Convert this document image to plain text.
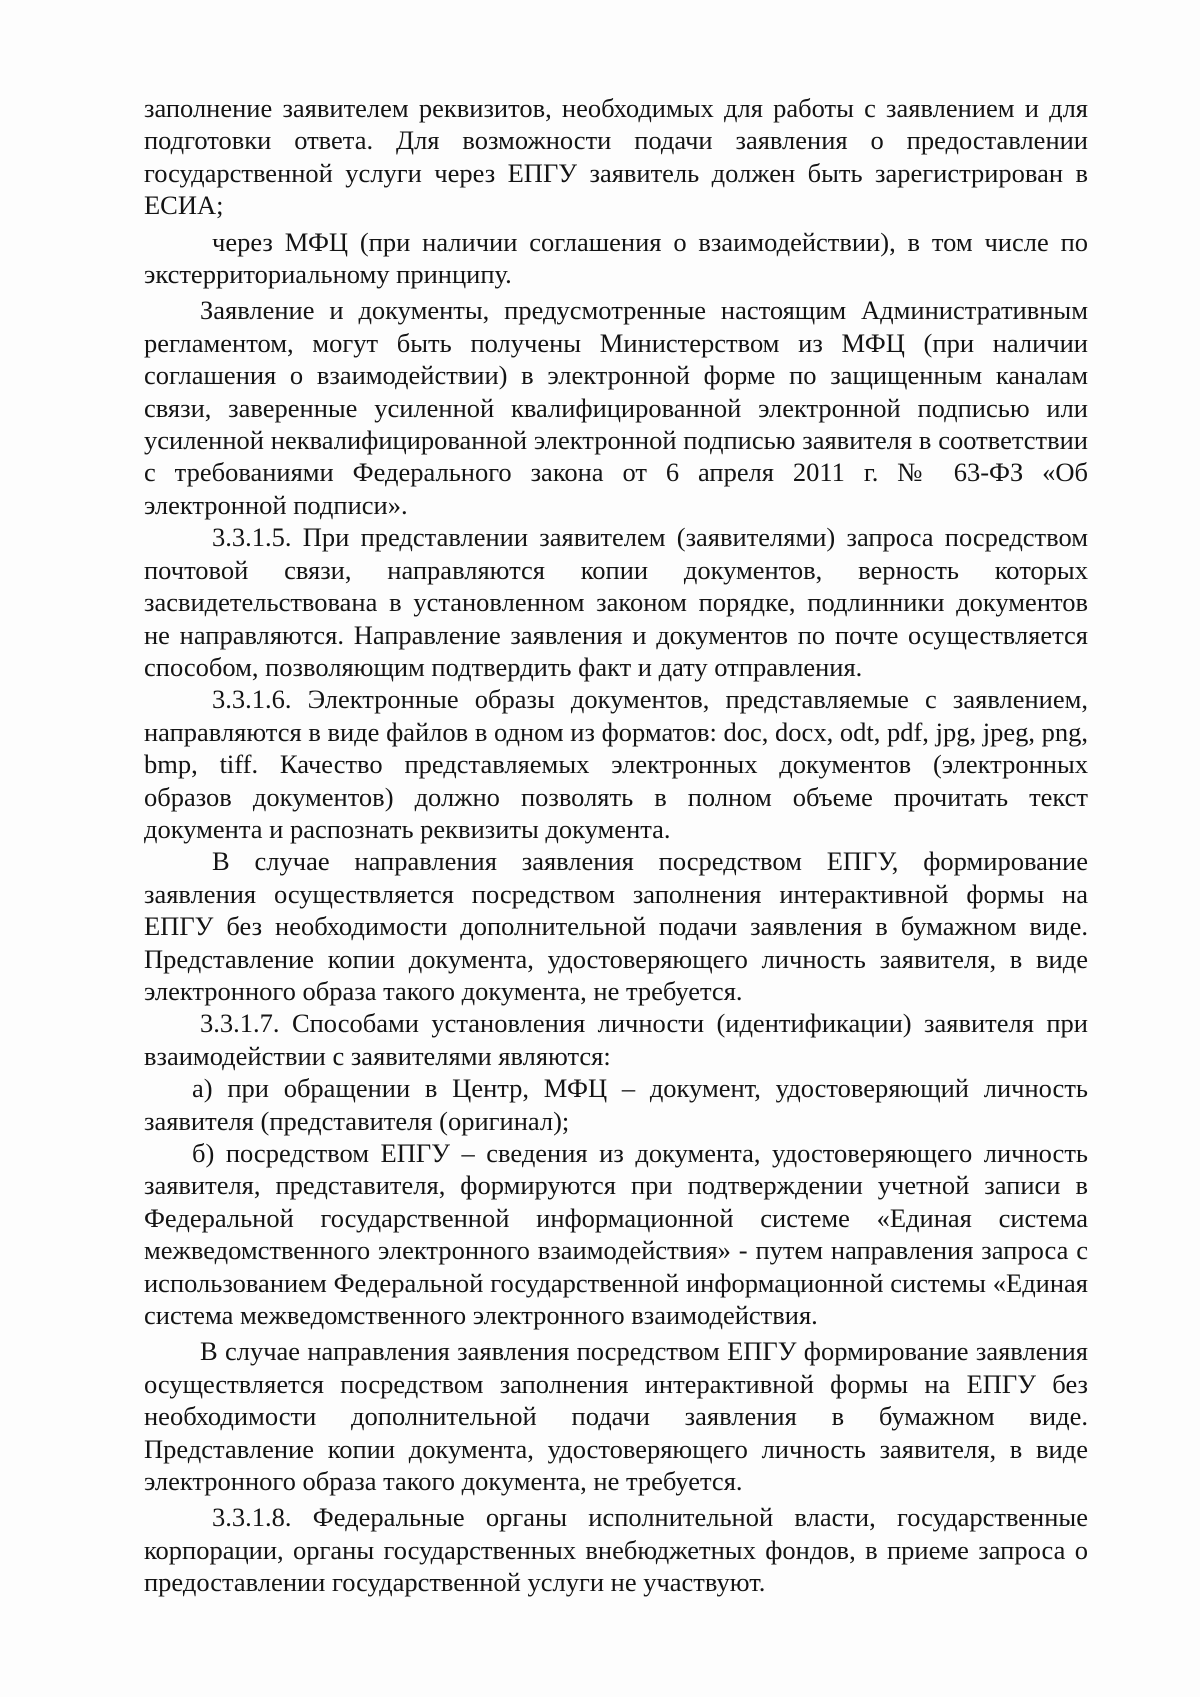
заполнение заявителем реквизитов, необходимых для работы с заявлением и для подготовки ответа. Для возможности подачи заявления о предоставлении государственной услуги через ЕПГУ заявитель должен быть зарегистрирован в ЕСИА;

через МФЦ (при наличии соглашения о взаимодействии), в том числе по экстерриториальному принципу.

Заявление и документы, предусмотренные настоящим Административным регламентом, могут быть получены Министерством из МФЦ (при наличии соглашения о взаимодействии) в электронной форме по защищенным каналам связи, заверенные усиленной квалифицированной электронной подписью или усиленной неквалифицированной электронной подписью заявителя в соответствии с требованиями Федерального закона от 6 апреля 2011 г. № 63-ФЗ «Об электронной подписи».

3.3.1.5. При представлении заявителем (заявителями) запроса посредством почтовой связи, направляются копии документов, верность которых засвидетельствована в установленном законом порядке, подлинники документов не направляются. Направление заявления и документов по почте осуществляется способом, позволяющим подтвердить факт и дату отправления.

3.3.1.6. Электронные образы документов, представляемые с заявлением, направляются в виде файлов в одном из форматов: doc, docx, odt, pdf, jpg, jpeg, png, bmp, tiff. Качество представляемых электронных документов (электронных образов документов) должно позволять в полном объеме прочитать текст документа и распознать реквизиты документа.

В случае направления заявления посредством ЕПГУ, формирование заявления осуществляется посредством заполнения интерактивной формы на ЕПГУ без необходимости дополнительной подачи заявления в бумажном виде. Представление копии документа, удостоверяющего личность заявителя, в виде электронного образа такого документа, не требуется.

3.3.1.7. Способами установления личности (идентификации) заявителя при взаимодействии с заявителями являются:

а) при обращении в Центр, МФЦ – документ, удостоверяющий личность заявителя (представителя (оригинал);

б) посредством ЕПГУ – сведения из документа, удостоверяющего личность заявителя, представителя, формируются при подтверждении учетной записи в Федеральной государственной информационной системе «Единая система межведомственного электронного взаимодействия» - путем направления запроса с использованием Федеральной государственной информационной системы «Единая система межведомственного электронного взаимодействия.

В случае направления заявления посредством ЕПГУ формирование заявления осуществляется посредством заполнения интерактивной формы на ЕПГУ без необходимости дополнительной подачи заявления в бумажном виде. Представление копии документа, удостоверяющего личность заявителя, в виде электронного образа такого документа, не требуется.

3.3.1.8. Федеральные органы исполнительной власти, государственные корпорации, органы государственных внебюджетных фондов, в приеме запроса о предоставлении государственной услуги не участвуют.
